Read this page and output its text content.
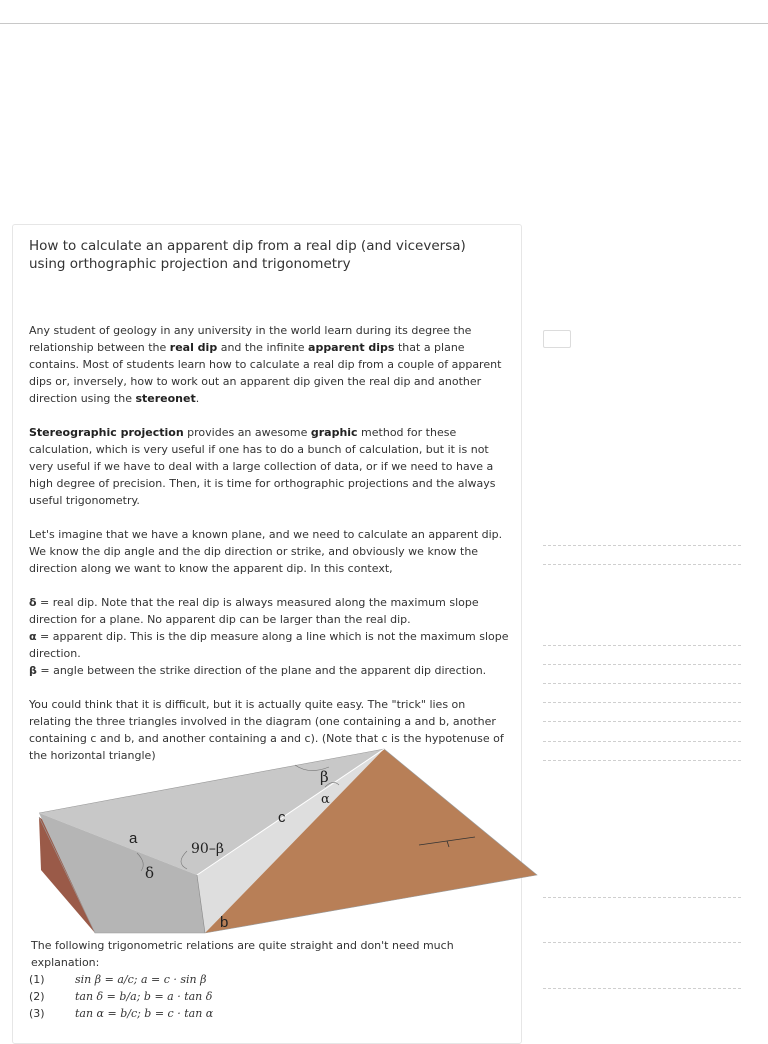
How to calculate an apparent dip from a real dip (and viceversa) using orthographic projection and trigonometry

Any student of geology in any university in the world learn during its degree the relationship between the real dip and the infinite apparent dips that a plane contains. Most of students learn how to calculate a real dip from a couple of apparent dips or, inversely, how to work out an apparent dip given the real dip and another direction using the stereonet.

Stereographic projection provides an awesome graphic method for these calculation, which is very useful if one has to do a bunch of calculation, but it is not very useful if we have to deal with a large collection of data, or if we need to have a high degree of precision. Then, it is time for orthographic projections and the always useful trigonometry.

Let's imagine that we have a known plane, and we need to calculate an apparent dip. We know the dip angle and the dip direction or strike, and obviously we know the direction along we want to know the apparent dip. In this context,

δ = real dip. Note that the real dip is always measured along the maximum slope direction for a plane. No apparent dip can be larger than the real dip.
α = apparent dip. This is the dip measure along a line which is not the maximum slope direction.
β = angle between the strike direction of the plane and the apparent dip direction.

You could think that it is difficult, but it is actually quite easy. The "trick" lies on relating the three triangles involved in the diagram (one containing a and b, another containing c and b, and another containing a and c). (Note that c is the hypotenuse of the horizontal triangle)

a
b
c
δ
α
β
90–β
The following trigonometric relations are quite straight and don't need much explanation:
(1)	sin β = a/c; a = c · sin β
(2)	tan δ = b/a; b = a · tan δ
(3)	tan α = b/c; b = c · tan α
